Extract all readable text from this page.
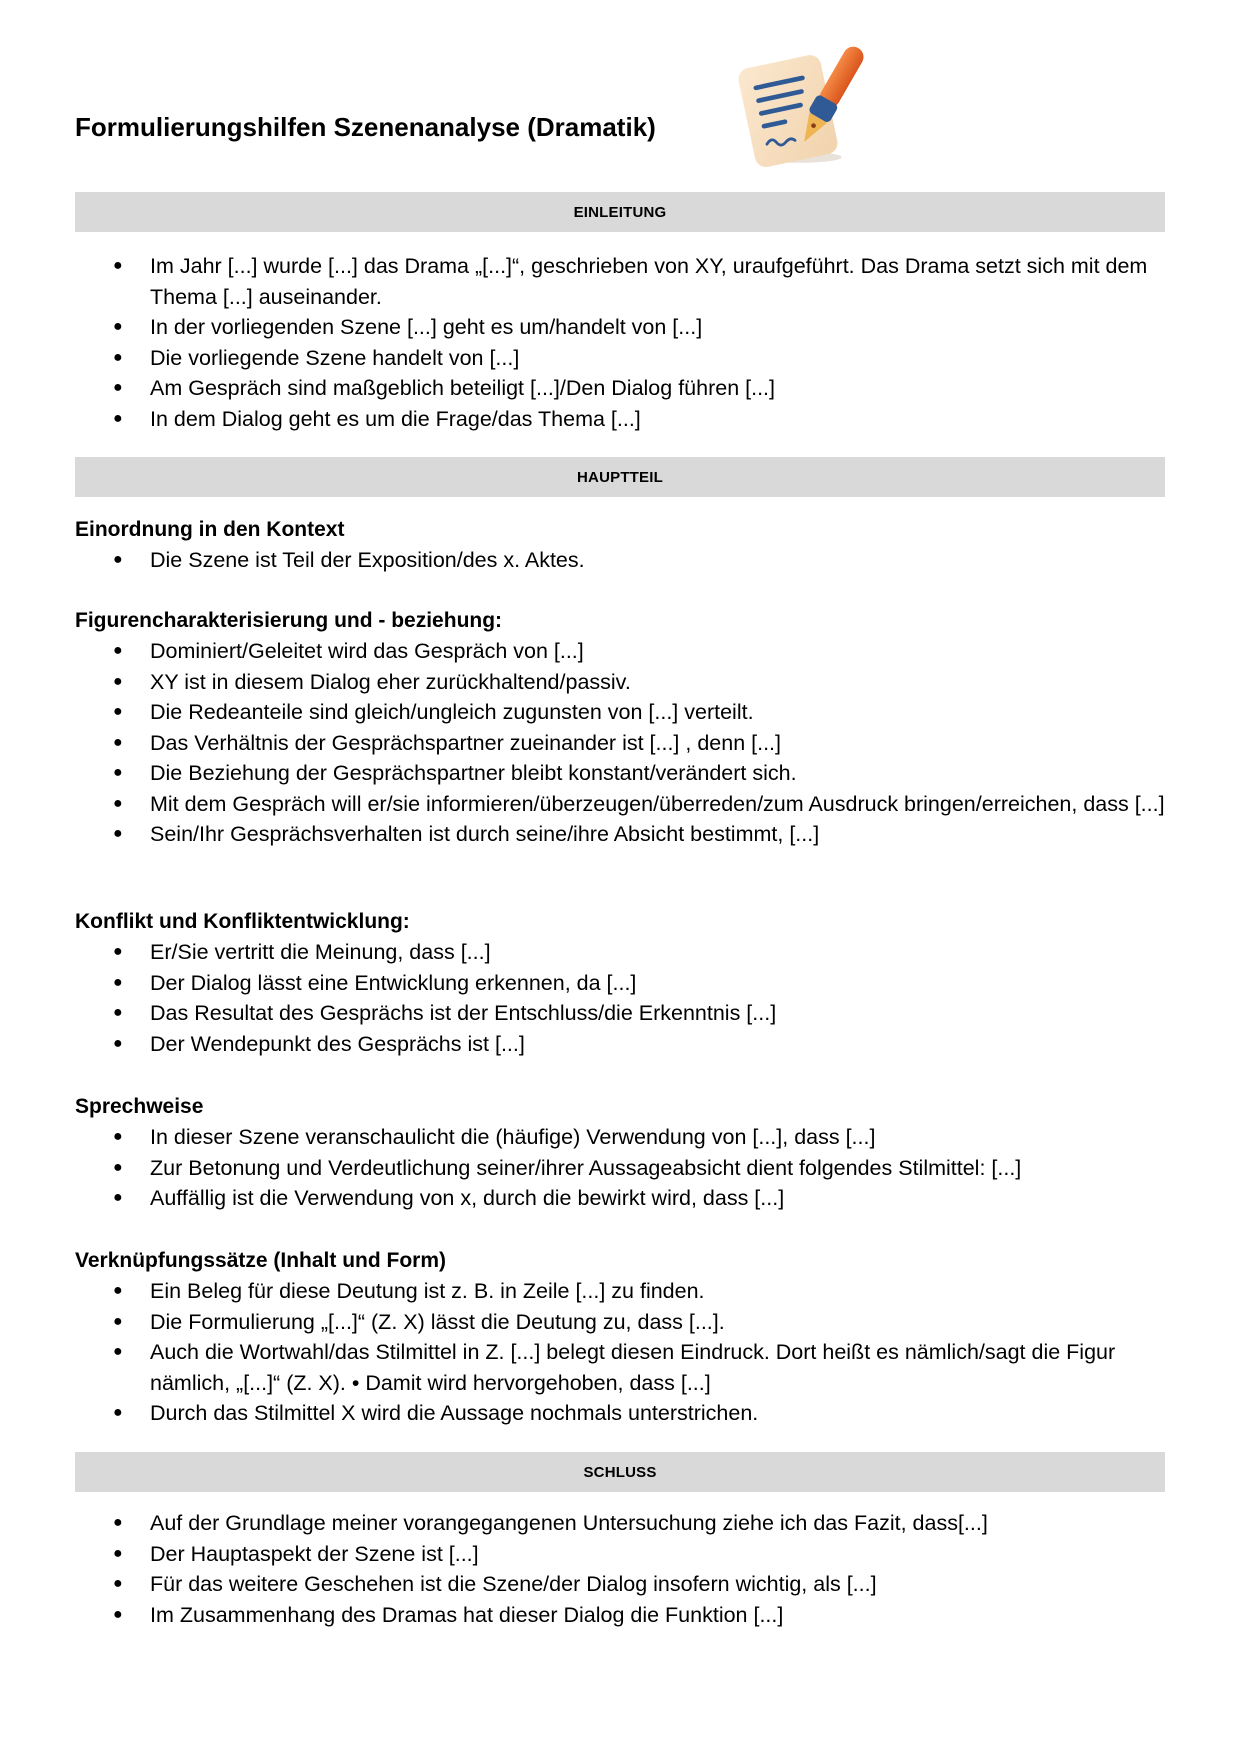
Formulierungshilfen Szenenanalyse (Dramatik)
EINLEITUNG
● Im Jahr [...] wurde [...] das Drama „[...]“, geschrieben von XY, uraufgeführt. Das Drama setzt sich mit dem Thema [...] auseinander.
● In der vorliegenden Szene [...] geht es um/handelt von [...]
● Die vorliegende Szene handelt von [...]
● Am Gespräch sind maßgeblich beteiligt [...]/Den Dialog führen [...]
● In dem Dialog geht es um die Frage/das Thema [...]
HAUPTTEIL
Einordnung in den Kontext
● Die Szene ist Teil der Exposition/des x. Aktes.
Figurencharakterisierung und - beziehung:
● Dominiert/Geleitet wird das Gespräch von [...]
● XY ist in diesem Dialog eher zurückhaltend/passiv.
● Die Redeanteile sind gleich/ungleich zugunsten von [...] verteilt.
● Das Verhältnis der Gesprächspartner zueinander ist [...] , denn [...]
● Die Beziehung der Gesprächspartner bleibt konstant/verändert sich.
● Mit dem Gespräch will er/sie informieren/überzeugen/überreden/zum Ausdruck bringen/erreichen, dass [...]
● Sein/Ihr Gesprächsverhalten ist durch seine/ihre Absicht bestimmt, [...]
Konflikt und Konfliktentwicklung:
● Er/Sie vertritt die Meinung, dass [...]
● Der Dialog lässt eine Entwicklung erkennen, da [...]
● Das Resultat des Gesprächs ist der Entschluss/die Erkenntnis [...]
● Der Wendepunkt des Gesprächs ist [...]
Sprechweise
● In dieser Szene veranschaulicht die (häufige) Verwendung von [...], dass [...]
● Zur Betonung und Verdeutlichung seiner/ihrer Aussageabsicht dient folgendes Stilmittel: [...]
● Auffällig ist die Verwendung von x, durch die bewirkt wird, dass [...]
Verknüpfungssätze (Inhalt und Form)
● Ein Beleg für diese Deutung ist z. B. in Zeile [...] zu finden.
● Die Formulierung „[...]“ (Z. X) lässt die Deutung zu, dass [...].
● Auch die Wortwahl/das Stilmittel in Z. [...] belegt diesen Eindruck. Dort heißt es nämlich/sagt die Figur nämlich, „[...]“ (Z. X). • Damit wird hervorgehoben, dass [...]
● Durch das Stilmittel X wird die Aussage nochmals unterstrichen.
SCHLUSS
● Auf der Grundlage meiner vorangegangenen Untersuchung ziehe ich das Fazit, dass[...]
● Der Hauptaspekt der Szene ist [...]
● Für das weitere Geschehen ist die Szene/der Dialog insofern wichtig, als [...]
● Im Zusammenhang des Dramas hat dieser Dialog die Funktion [...]
